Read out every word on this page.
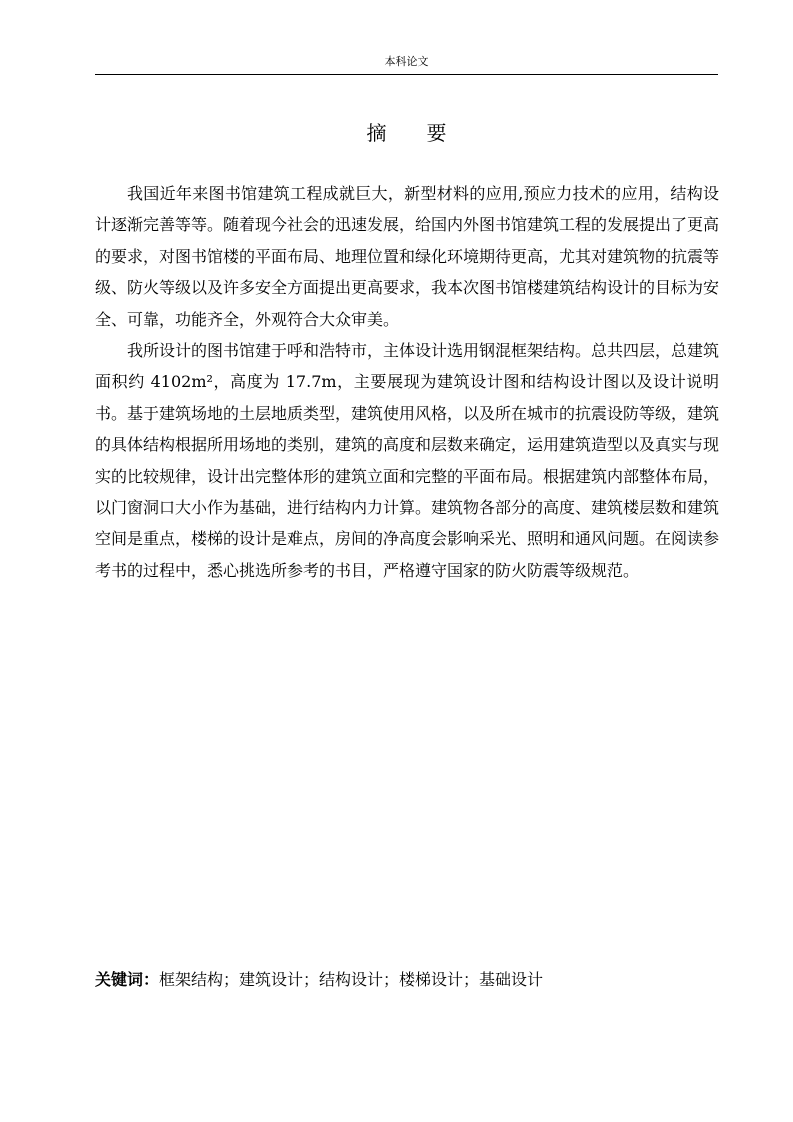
本科论文
摘要

我国近年来图书馆建筑工程成就巨大，新型材料的应用,预应力技术的应用，结构设计逐渐完善等等。随着现今社会的迅速发展，给国内外图书馆建筑工程的发展提出了更高的要求，对图书馆楼的平面布局、地理位置和绿化环境期待更高，尤其对建筑物的抗震等级、防火等级以及许多安全方面提出更高要求，我本次图书馆楼建筑结构设计的目标为安全、可靠，功能齐全，外观符合大众审美。

我所设计的图书馆建于呼和浩特市，主体设计选用钢混框架结构。总共四层，总建筑面积约 4102m²，高度为 17.7m，主要展现为建筑设计图和结构设计图以及设计说明书。基于建筑场地的土层地质类型，建筑使用风格，以及所在城市的抗震设防等级，建筑的具体结构根据所用场地的类别，建筑的高度和层数来确定，运用建筑造型以及真实与现实的比较规律，设计出完整体形的建筑立面和完整的平面布局。根据建筑内部整体布局，以门窗洞口大小作为基础，进行结构内力计算。建筑物各部分的高度、建筑楼层数和建筑空间是重点，楼梯的设计是难点，房间的净高度会影响采光、照明和通风问题。在阅读参考书的过程中，悉心挑选所参考的书目，严格遵守国家的防火防震等级规范。

关键词：框架结构；建筑设计；结构设计；楼梯设计；基础设计
